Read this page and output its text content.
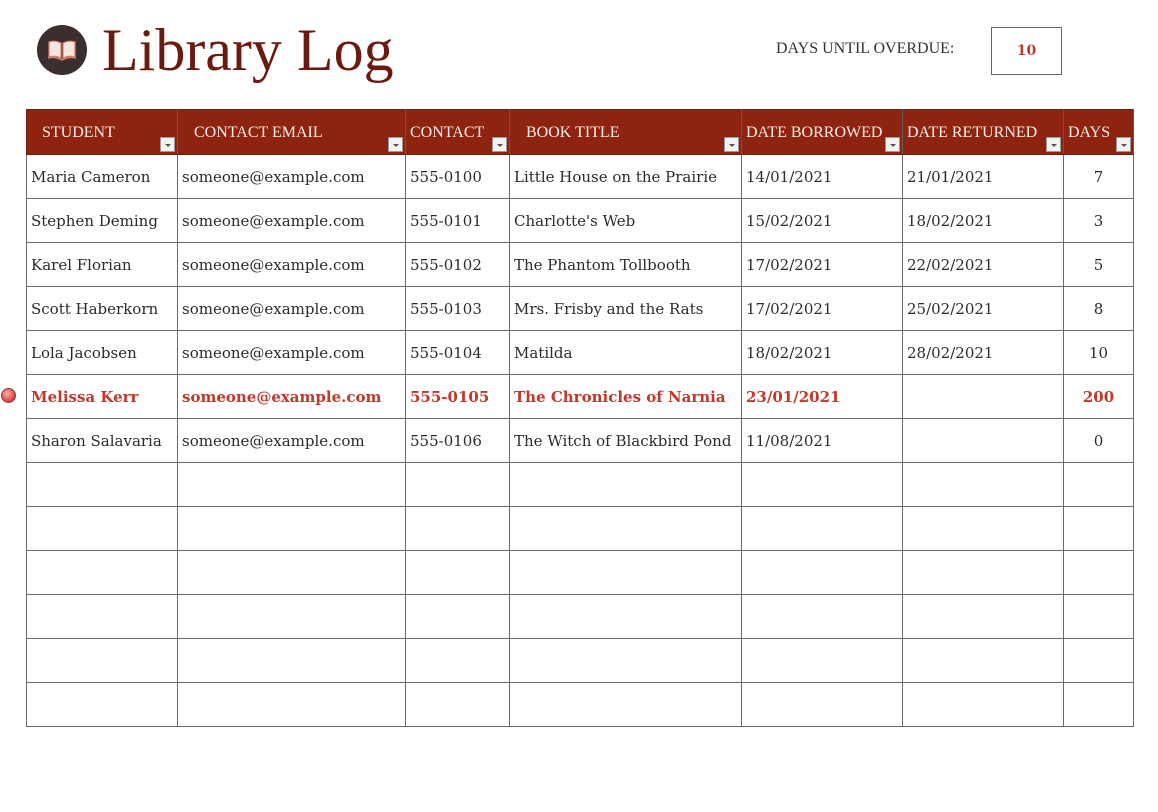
Library Log	DAYS UNTIL OVERDUE:	10
STUDENT	CONTACT EMAIL	CONTACT	BOOK TITLE	DATE BORROWED	DATE RETURNED	DAYS

Maria Cameron	someone@example.com	555-0100	Little House on the Prairie	14/01/2021	21/01/2021	7
Stephen Deming	someone@example.com	555-0101	Charlotte's Web	15/02/2021	18/02/2021	3
Karel Florian	someone@example.com	555-0102	The Phantom Tollbooth	17/02/2021	22/02/2021	5
Scott Haberkorn	someone@example.com	555-0103	Mrs. Frisby and the Rats	17/02/2021	25/02/2021	8
Lola Jacobsen	someone@example.com	555-0104	Matilda	18/02/2021	28/02/2021	10
Melissa Kerr	someone@example.com	555-0105	The Chronicles of Narnia	23/01/2021		200
Sharon Salavaria	someone@example.com	555-0106	The Witch of Blackbird Pond	11/08/2021		0
